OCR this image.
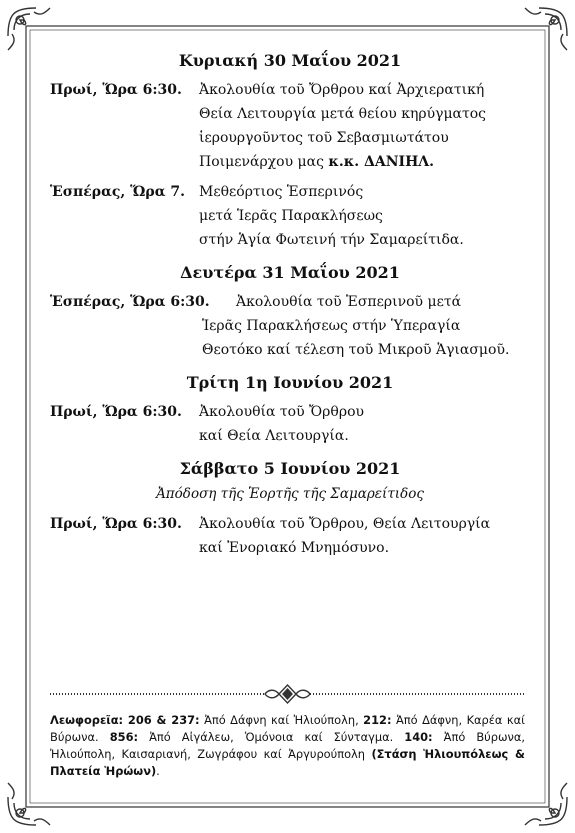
Κυριακή 30 Μαΐου 2021
Πρωί, Ὥρα 6:30.	Ἀκολουθία τοῦ Ὄρθρου καί Ἀρχιερατική
Θεία Λειτουργία μετά θείου κηρύγματος
ἱερουργοῦντος τοῦ Σεβασμιωτάτου
Ποιμενάρχου μας κ.κ. ΔΑΝΙΗΛ.
Ἑσπέρας, Ὥρα 7.	Μεθεόρτιος Ἑσπερινός
μετά Ἱερᾶς Παρακλήσεως
στήν Ἁγία Φωτεινή τήν Σαμαρείτιδα.
Δευτέρα 31 Μαΐου 2021
Ἑσπέρας, Ὥρα 6:30.	Ἀκολουθία τοῦ Ἑσπερινοῦ μετά
Ἱερᾶς Παρακλήσεως στήν Ὑπεραγία
Θεοτόκο καί τέλεση τοῦ Μικροῦ Ἁγιασμοῦ.
Τρίτη 1η Ιουνίου 2021
Πρωί, Ὥρα 6:30.	Ἀκολουθία τοῦ Ὄρθρου
καί Θεία Λειτουργία.
Σάββατο 5 Ιουνίου 2021
Ἀπόδοση τῆς Ἑορτῆς τῆς Σαμαρείτιδος
Πρωί, Ὥρα 6:30.	Ἀκολουθία τοῦ Ὄρθρου, Θεία Λειτουργία
καί Ἐνοριακό Μνημόσυνο.
Λεωφορεῖα: 206 & 237: Ἀπό Δάφνη καί Ἠλιούπολη, 212: Ἀπό Δάφνη, Καρέα καί Βύρωνα. 856: Ἀπό Αἰγάλεω, Ὁμόνοια καί Σύνταγμα. 140: Ἀπό Βύρωνα, Ἠλιούπολη, Καισαριανή, Ζωγράφου καί Ἀργυρούπολη (Στάση Ἡλιουπόλεως & Πλατεία Ἡρώων).
